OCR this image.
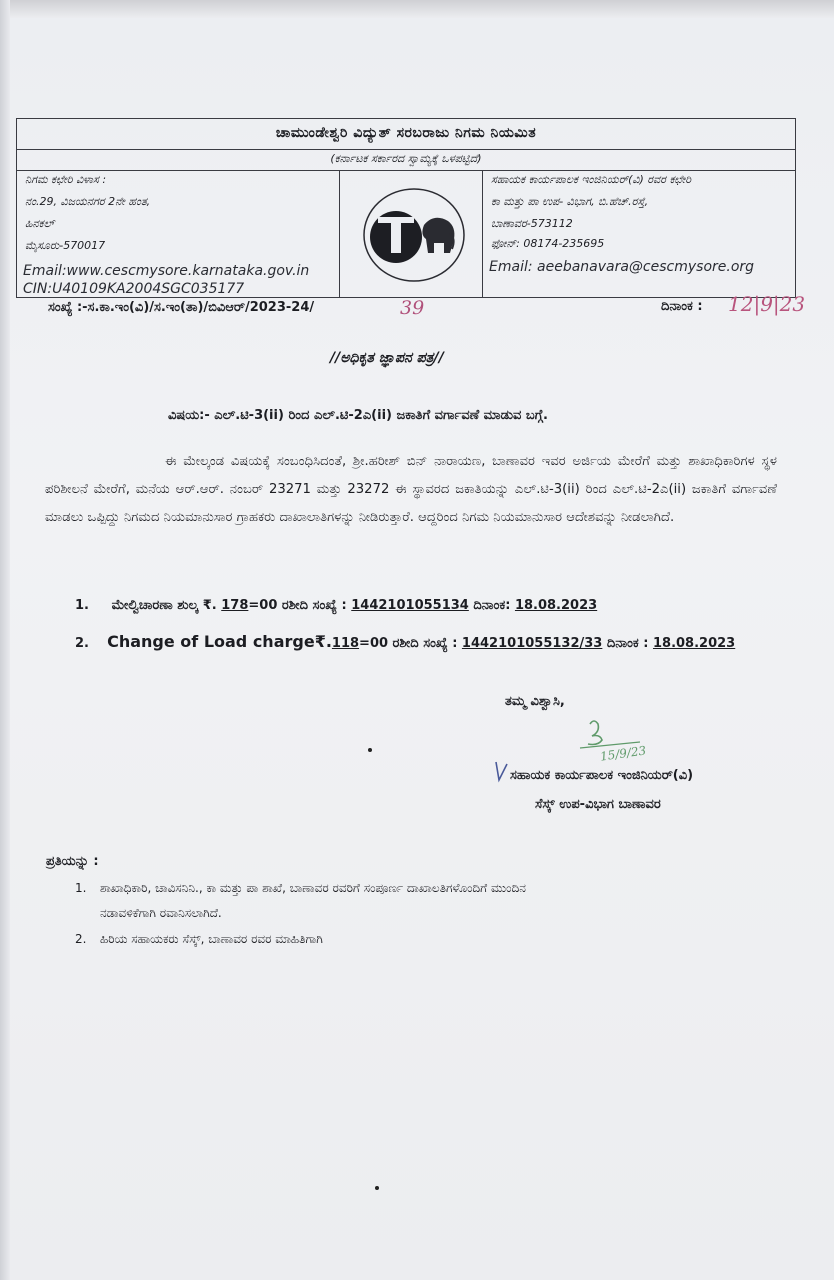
ಚಾಮುಂಡೇಶ್ವರಿ ವಿದ್ಯುತ್ ಸರಬರಾಜು ನಿಗಮ ನಿಯಮಿತ
(ಕರ್ನಾಟಕ ಸರ್ಕಾರದ ಸ್ವಾಮ್ಯಕ್ಕೆ ಒಳಪಟ್ಟಿದೆ)
ನಿಗಮ ಕಛೇರಿ ವಿಳಾಸ :
ನಂ.29, ವಿಜಯನಗರ 2ನೇ ಹಂತ,
ಹಿನಕಲ್
ಮೈಸೂರು-570017
Email:www.cescmysore.karnataka.gov.in
CIN:U40109KA2004SGC035177
ಸಹಾಯಕ ಕಾರ್ಯಪಾಲಕ ಇಂಜಿನಿಯರ್(ವಿ) ರವರ ಕಛೇರಿ
ಕಾ ಮತ್ತು ಪಾ ಉಪ- ವಿಭಾಗ, ಬಿ.ಹೆಚ್.ರಸ್ತೆ,
ಬಾಣಾವರ-573112
ಫೋನ್: 08174-235695
Email: aeebanavara@cescmysore.org
ಸಂಖ್ಯೆ :-ಸ.ಕಾ.ಇಂ(ವಿ)/ಸ.ಇಂ(ತಾ)/ಬಿವಿಆರ್/2023-24/	39	ದಿನಾಂಕ : 12|9|23
//ಅಧಿಕೃತ ಜ್ಞಾಪನ ಪತ್ರ//
ವಿಷಯ:- ಎಲ್.ಟಿ-3(ii) ರಿಂದ ಎಲ್.ಟಿ-2ಎ(ii) ಜಕಾತಿಗೆ ವರ್ಗಾವಣೆ ಮಾಡುವ ಬಗ್ಗೆ.
ಈ ಮೇಲ್ಕಂಡ ವಿಷಯಕ್ಕೆ ಸಂಬಂಧಿಸಿದಂತೆ, ಶ್ರೀ.ಹರೀಶ್ ಬಿನ್ ನಾರಾಯಣ, ಬಾಣಾವರ ಇವರ ಅರ್ಜಿಯ ಮೇರೆಗೆ ಮತ್ತು ಶಾಖಾಧಿಕಾರಿಗಳ ಸ್ಥಳ ಪರಿಶೀಲನೆ ಮೇರೆಗೆ, ಮನೆಯ ಆರ್.ಆರ್. ನಂಬರ್ 23271 ಮತ್ತು 23272 ಈ ಸ್ಥಾವರದ ಜಕಾತಿಯನ್ನು ಎಲ್.ಟಿ-3(ii) ರಿಂದ ಎಲ್.ಟಿ-2ಎ(ii) ಜಕಾತಿಗೆ ವರ್ಗಾವಣೆ ಮಾಡಲು ಒಪ್ಪಿದ್ದು ನಿಗಮದ ನಿಯಮಾನುಸಾರ ಗ್ರಾಹಕರು ದಾಖಾಲಾತಿಗಳನ್ನು ನೀಡಿರುತ್ತಾರೆ. ಆದ್ದರಿಂದ ನಿಗಮ ನಿಯಮಾನುಸಾರ ಆದೇಶವನ್ನು ನೀಡಲಾಗಿದೆ.
1. ಮೇಲ್ವಿಚಾರಣಾ ಶುಲ್ಕ ₹. 178=00 ರಶೀದಿ ಸಂಖ್ಯೆ : 1442101055134 ದಿನಾಂಕ: 18.08.2023
2. Change of Load charge₹.118=00 ರಶೀದಿ ಸಂಖ್ಯೆ : 1442101055132/33 ದಿನಾಂಕ : 18.08.2023
ತಮ್ಮ ವಿಶ್ವಾಸಿ,
15/9/23
ಸಹಾಯಕ ಕಾರ್ಯಪಾಲಕ ಇಂಜಿನಿಯರ್(ವಿ)
ಸೆಸ್ಕ್ ಉಪ-ವಿಭಾಗ ಬಾಣಾವರ
ಪ್ರತಿಯನ್ನು :
1. ಶಾಖಾಧಿಕಾರಿ, ಚಾವಿಸನಿನಿ., ಕಾ ಮತ್ತು ಪಾ ಶಾಖೆ, ಬಾಣಾವರ ರವರಿಗೆ ಸಂಪೂರ್ಣ ದಾಖಾಲತಿಗಳೊಂದಿಗೆ ಮುಂದಿನ
ನಡಾವಳಿಕೆಗಾಗಿ ರವಾನಿಸಲಾಗಿದೆ.
2. ಹಿರಿಯ ಸಹಾಯಕರು ಸೆಸ್ಕ್, ಬಾಣಾವರ ರವರ ಮಾಹಿತಿಗಾಗಿ
